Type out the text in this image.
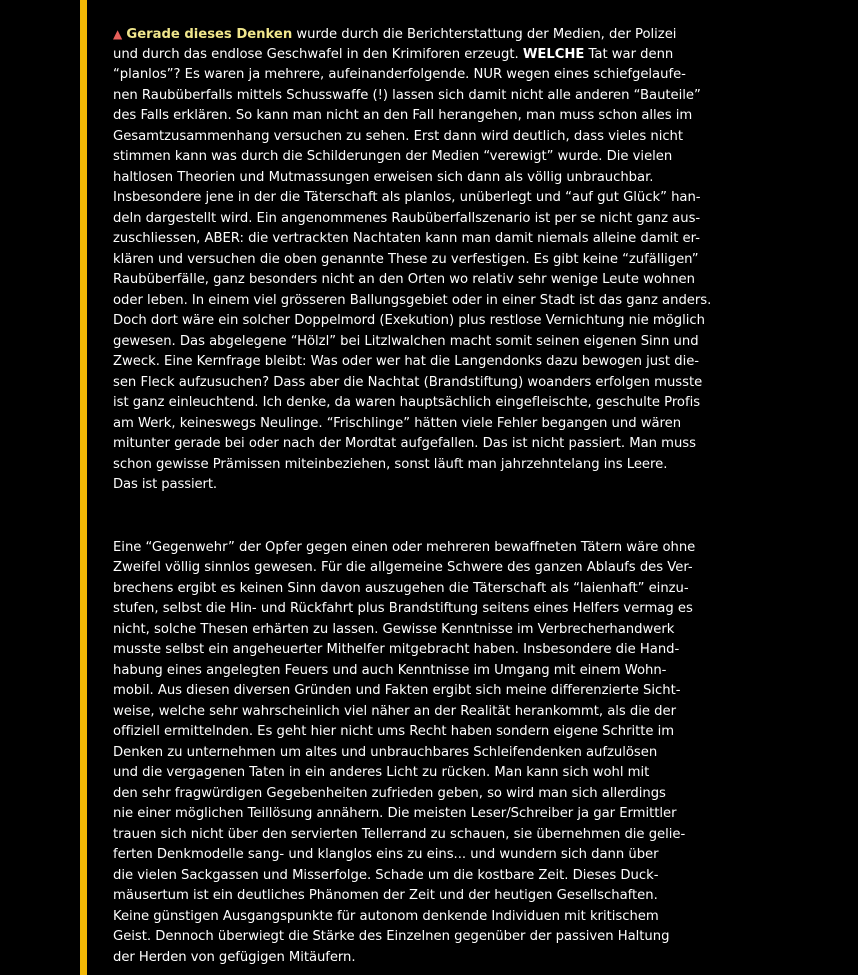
▲ Gerade dieses Denken wurde durch die Berichterstattung der Medien, der Polizei
und durch das endlose Geschwafel in den Krimiforen erzeugt. WELCHE Tat war denn
“planlos”? Es waren ja mehrere, aufeinanderfolgende. NUR wegen eines schiefgelaufe-
nen Raubüberfalls mittels Schusswaffe (!) lassen sich damit nicht alle anderen “Bauteile”
des Falls erklären. So kann man nicht an den Fall herangehen, man muss schon alles im
Gesamtzusammenhang versuchen zu sehen. Erst dann wird deutlich, dass vieles nicht
stimmen kann was durch die Schilderungen der Medien “verewigt” wurde. Die vielen
haltlosen Theorien und Mutmassungen erweisen sich dann als völlig unbrauchbar.
Insbesondere jene in der die Täterschaft als planlos, unüberlegt und “auf gut Glück” han-
deln dargestellt wird. Ein angenommenes Raubüberfallszenario ist per se nicht ganz aus-
zuschliessen, ABER: die vertrackten Nachtaten kann man damit niemals alleine damit er-
klären und versuchen die oben genannte These zu verfestigen. Es gibt keine “zufälligen”
Raubüberfälle, ganz besonders nicht an den Orten wo relativ sehr wenige Leute wohnen
oder leben. In einem viel grösseren Ballungsgebiet oder in einer Stadt ist das ganz anders.
Doch dort wäre ein solcher Doppelmord (Exekution) plus restlose Vernichtung nie möglich
gewesen. Das abgelegene “Hölzl” bei Litzlwalchen macht somit seinen eigenen Sinn und
Zweck. Eine Kernfrage bleibt: Was oder wer hat die Langendonks dazu bewogen just die-
sen Fleck aufzusuchen? Dass aber die Nachtat (Brandstiftung) woanders erfolgen musste
ist ganz einleuchtend. Ich denke, da waren hauptsächlich eingefleischte, geschulte Profis
am Werk, keineswegs Neulinge. “Frischlinge” hätten viele Fehler begangen und wären
mitunter gerade bei oder nach der Mordtat aufgefallen. Das ist nicht passiert. Man muss
schon gewisse Prämissen miteinbeziehen, sonst läuft man jahrzehntelang ins Leere.
Das ist passiert.
Eine “Gegenwehr” der Opfer gegen einen oder mehreren bewaffneten Tätern wäre ohne
Zweifel völlig sinnlos gewesen. Für die allgemeine Schwere des ganzen Ablaufs des Ver-
brechens ergibt es keinen Sinn davon auszugehen die Täterschaft als “laienhaft” einzu-
stufen, selbst die Hin- und Rückfahrt plus Brandstiftung seitens eines Helfers vermag es
nicht, solche Thesen erhärten zu lassen. Gewisse Kenntnisse im Verbrecherhandwerk
musste selbst ein angeheuerter Mithelfer mitgebracht haben. Insbesondere die Hand-
habung eines angelegten Feuers und auch Kenntnisse im Umgang mit einem Wohn-
mobil. Aus diesen diversen Gründen und Fakten ergibt sich meine differenzierte Sicht-
weise, welche sehr wahrscheinlich viel näher an der Realität herankommt, als die der
offiziell ermittelnden. Es geht hier nicht ums Recht haben sondern eigene Schritte im
Denken zu unternehmen um altes und unbrauchbares Schleifendenken aufzulösen
und die vergagenen Taten in ein anderes Licht zu rücken. Man kann sich wohl mit
den sehr fragwürdigen Gegebenheiten zufrieden geben, so wird man sich allerdings
nie einer möglichen Teillösung annähern. Die meisten Leser/Schreiber ja gar Ermittler
trauen sich nicht über den servierten Tellerrand zu schauen, sie übernehmen die gelie-
ferten Denkmodelle sang- und klanglos eins zu eins... und wundern sich dann über
die vielen Sackgassen und Misserfolge. Schade um die kostbare Zeit. Dieses Duck-
mäusertum ist ein deutliches Phänomen der Zeit und der heutigen Gesellschaften.
Keine günstigen Ausgangspunkte für autonom denkende Individuen mit kritischem
Geist. Dennoch überwiegt die Stärke des Einzelnen gegenüber der passiven Haltung
der Herden von gefügigen Mitäufern.
